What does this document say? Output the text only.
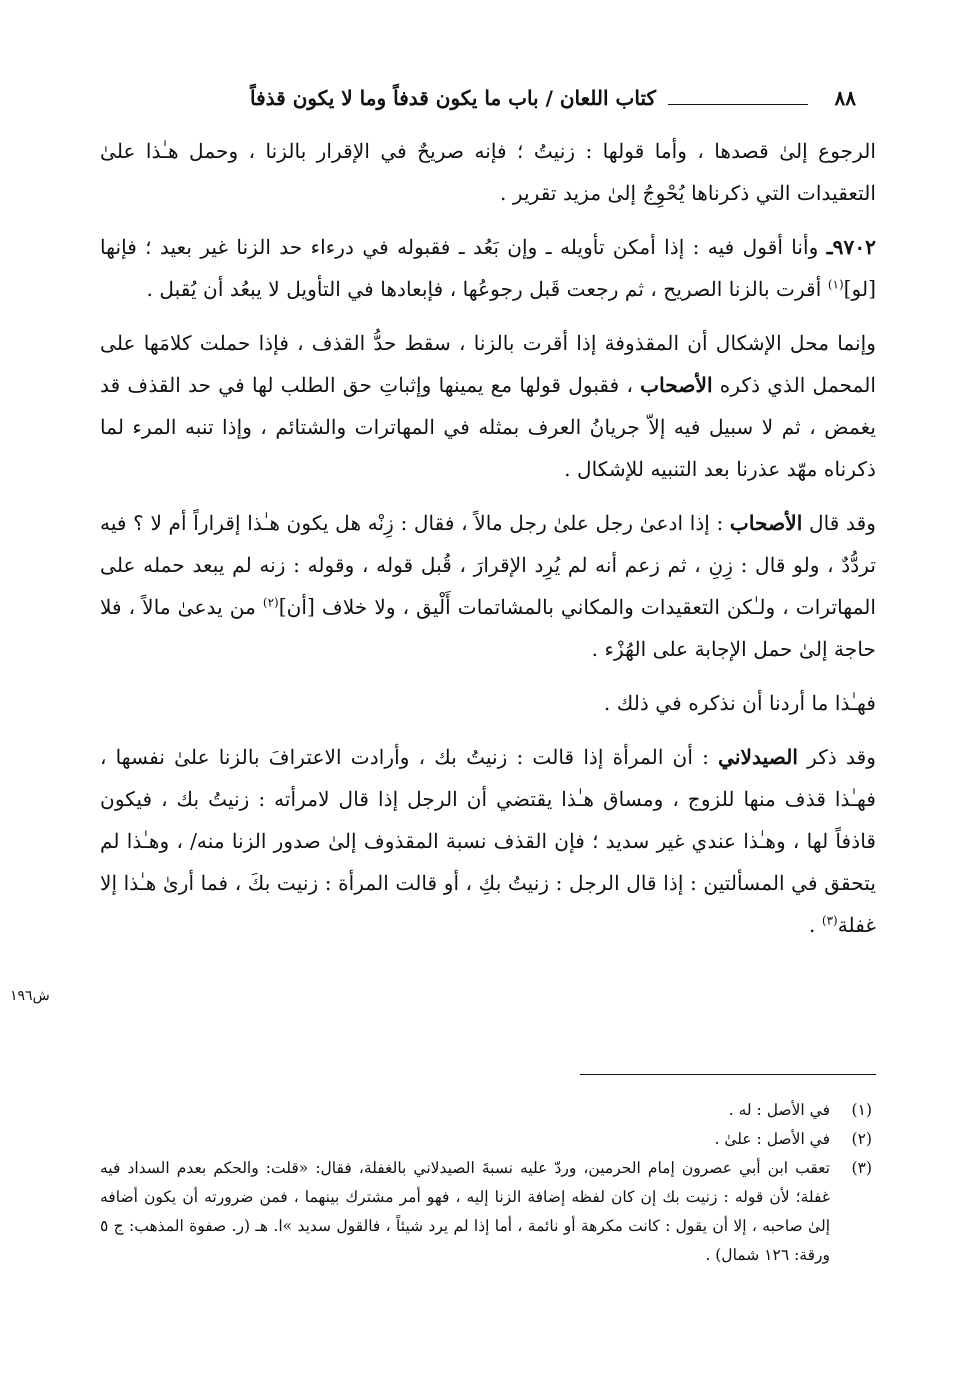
٨٨
كتاب اللعان / باب ما يكون قدفاً وما لا يكون قذفاً

الرجوع إلىٰ قصدها ، وأما قولها : زنيتُ ؛ فإنه صريحٌ في الإقرار بالزنا ، وحمل هـٰذا علىٰ التعقيدات التي ذكرناها يُحْوِجُ إلىٰ مزيد تقرير .

٩٧٠٢ـ وأنا أقول فيه : إذا أمكن تأويله ـ وإن بَعُد ـ فقبوله في درءاء حد الزنا غير بعيد ؛ فإنها [لو]$^{(١)}$ أقرت بالزنا الصريح ، ثم رجعت قَبل رجوعُها ، فإبعادها في التأويل لا يبعُد أن يُقبل .

وإنما محل الإشكال أن المقذوفة إذا أقرت بالزنا ، سقط حدُّ القذف ، فإذا حملت كلامَها على المحمل الذي ذكره الأصحاب ، فقبول قولها مع يمينها وإثباتِ حق الطلب لها في حد القذف قد يغمض ، ثم لا سبيل فيه إلاّ جريانُ العرف بمثله في المهاترات والشتائم ، وإذا تنبه المرء لما ذكرناه مهّد عذرنا بعد التنبيه للإشكال .

وقد قال الأصحاب : إذا ادعىٰ رجل علىٰ رجل مالاً ، فقال : زِنْه هل يكون هـٰذا إقراراً أم لا ؟ فيه تردُّدٌ ، ولو قال : زِنِ ، ثم زعم أنه لم يُرِد الإقرارَ ، قُبل قوله ، وقوله : زنه لم يبعد حمله على المهاترات ، ولـٰكن التعقيدات والمكاني بالمشاتمات أَلْيق ، ولا خلاف [أن]$^{(٢)}$ من يدعىٰ مالاً ، فلا حاجة إلىٰ حمل الإجابة على الهُزْء .

فهـٰذا ما أردنا أن نذكره في ذلك .

وقد ذكر الصيدلاني : أن المرأة إذا قالت : زنيتُ بك ، وأرادت الاعترافَ بالزنا علىٰ نفسها ، فهـٰذا قذف منها للزوج ، ومساق هـٰذا يقتضي أن الرجل إذا قال لامرأته : زنيتُ بك ، فيكون قاذفاً لها ، وهـٰذا عندي غير سديد ؛ فإن القذف نسبة المقذوف إلىٰ صدور الزنا منه/ ، وهـٰذا لم يتحقق في المسألتين : إذا قال الرجل : زنيتُ بكِ ، أو قالت المرأة : زنيت بكَ ، فما أرىٰ هـٰذا إلا غفلة$^{(٣)}$ .

ش١٩٦
(١)
في الأصل : له .
(٢)
في الأصل : علىٰ .
(٣)
تعقب ابن أبي عصرون إمام الحرمين، وردّ عليه نسبةَ الصيدلاني بالغفلة، فقال: «قلت: والحكم بعدم السداد فيه غفلة؛ لأن قوله : زنيت بك إن كان لفظه إضافة الزنا إليه ، فهو أمر مشترك بينهما ، فمن ضرورته أن يكون أضافه إلىٰ صاحبه ، إلا أن يقول : كانت مكرهة أو نائمة ، أما إذا لم يرد شيئاً ، فالقول سديد »ا. هـ (ر. صفوة المذهب: ج ٥ ورقة: ١٢٦ شمال) .
